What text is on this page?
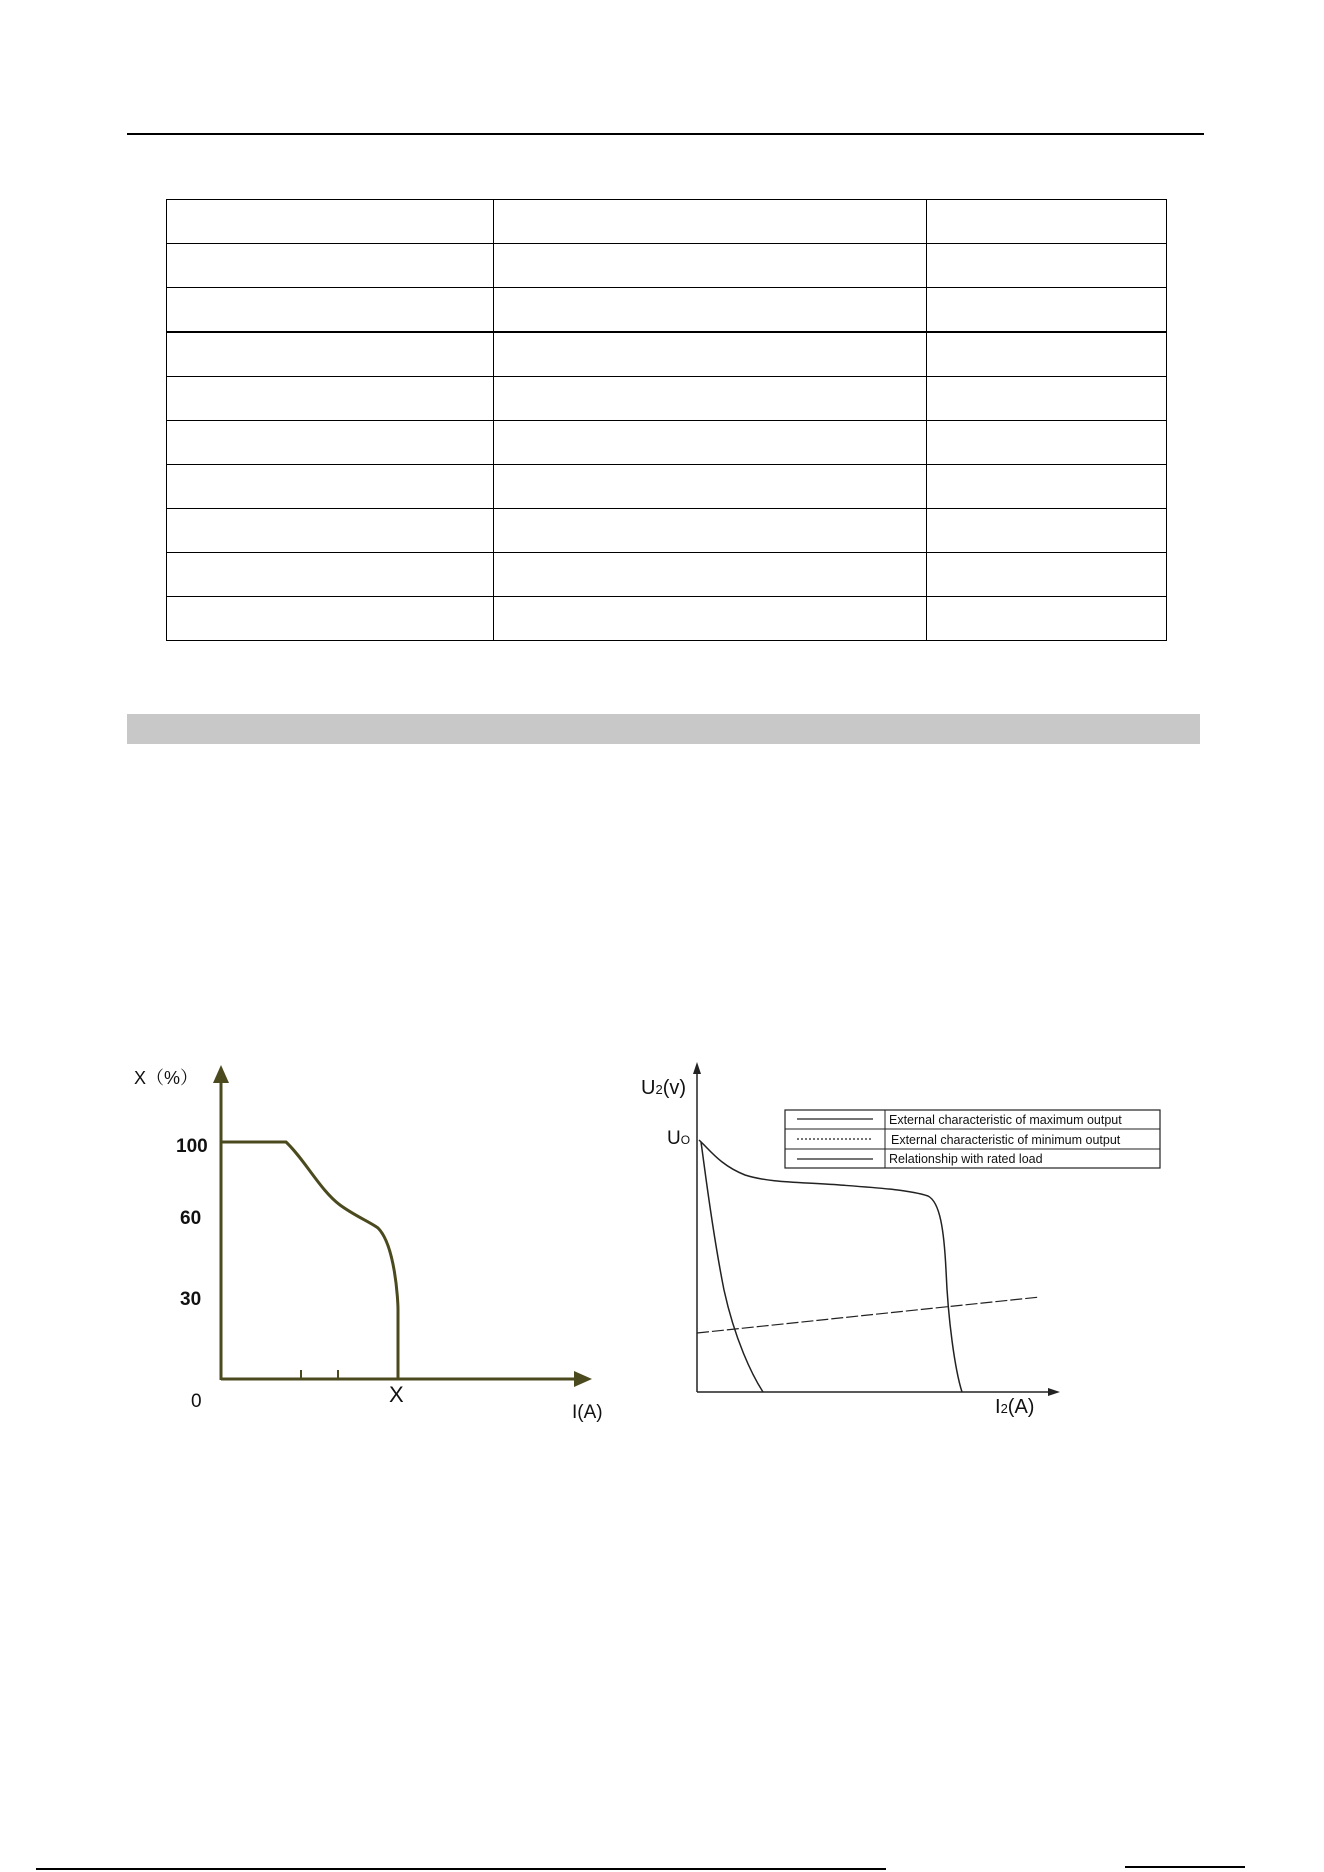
X（%）
100
60
30
0	X
I(A)
External characteristic of maximum output
External characteristic of minimum output
Relationship with rated load
U2(v)
UO
I2(A)
